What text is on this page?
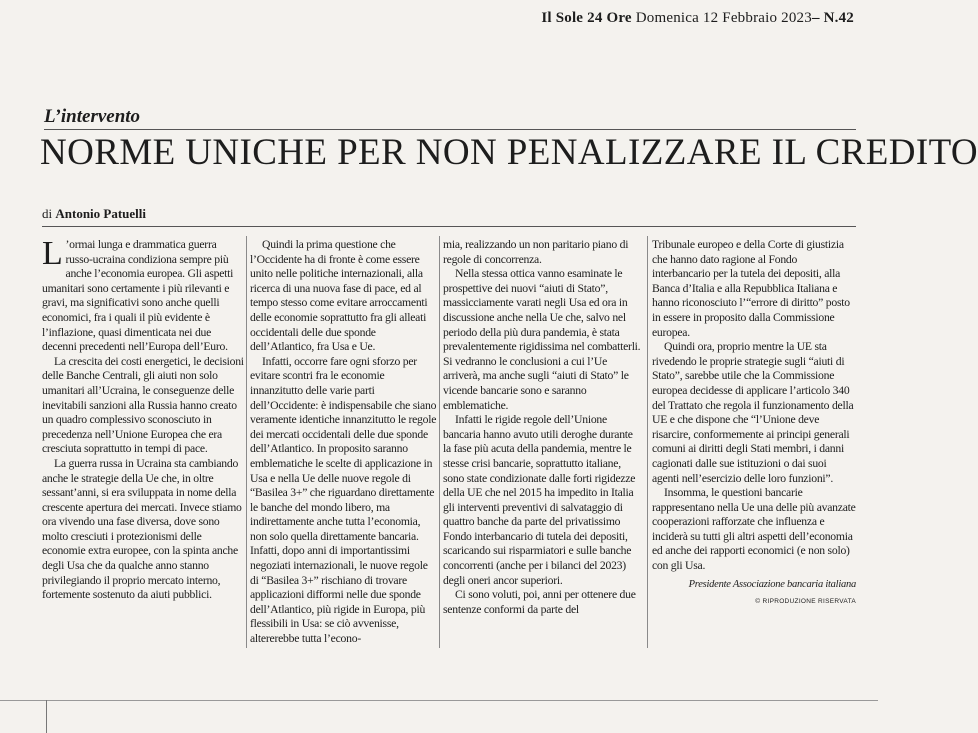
Il Sole 24 Ore Domenica 12 Febbraio 2023– N.42
L’intervento
NORME UNICHE PER NON PENALIZZARE IL CREDITO
di Antonio Patuelli

L ’ormai lunga e drammatica guerra russo-ucraina condiziona sempre più anche l’economia europea. Gli aspetti umanitari sono certamente i più rilevanti e gravi, ma significativi sono anche quelli economici, fra i quali il più evidente è l’inflazione, quasi dimenticata nei due decenni precedenti nell’Europa dell’Euro.

La crescita dei costi energetici, le decisioni delle Banche Centrali, gli aiuti non solo umanitari all’Ucraina, le conseguenze delle inevitabili sanzioni alla Russia hanno creato un quadro complessivo sconosciuto in precedenza nell’Unione Europea che era cresciuta soprattutto in tempi di pace.

La guerra russa in Ucraina sta cambiando anche le strategie della Ue che, in oltre sessant’anni, si era sviluppata in nome della crescente apertura dei mercati. Invece stiamo ora vivendo una fase diversa, dove sono molto cresciuti i protezionismi delle economie extra europee, con la spinta anche degli Usa che da qualche anno stanno privilegiando il proprio mercato interno, fortemente sostenuto da aiuti pubblici.

Quindi la prima questione che l’Occidente ha di fronte è come essere unito nelle politiche internazionali, alla ricerca di una nuova fase di pace, ed al tempo stesso come evitare arroccamenti delle economie soprattutto fra gli alleati occidentali delle due sponde dell’Atlantico, fra Usa e Ue.

Infatti, occorre fare ogni sforzo per evitare scontri fra le economie innanzitutto delle varie parti dell’Occidente: è indispensabile che siano veramente identiche innanzitutto le regole dei mercati occidentali delle due sponde dell’Atlantico. In proposito saranno emblematiche le scelte di applicazione in Usa e nella Ue delle nuove regole di “Basilea 3+” che riguardano direttamente le banche del mondo libero, ma indirettamente anche tutta l’economia, non solo quella direttamente bancaria. Infatti, dopo anni di importantissimi negoziati internazionali, le nuove regole di “Basilea 3+” rischiano di trovare applicazioni difformi nelle due sponde dell’Atlantico, più rigide in Europa, più flessibili in Usa: se ciò avvenisse, altererebbe tutta l’econo-

mia, realizzando un non paritario piano di regole di concorrenza.

Nella stessa ottica vanno esaminate le prospettive dei nuovi “aiuti di Stato”, massicciamente varati negli Usa ed ora in discussione anche nella Ue che, salvo nel periodo della più dura pandemia, è stata prevalentemente rigidissima nel combatterli. Si vedranno le conclusioni a cui l’Ue arriverà, ma anche sugli “aiuti di Stato” le vicende bancarie sono e saranno emblematiche.

Infatti le rigide regole dell’Unione bancaria hanno avuto utili deroghe durante la fase più acuta della pandemia, mentre le stesse crisi bancarie, soprattutto italiane, sono state condizionate dalle forti rigidezze della UE che nel 2015 ha impedito in Italia gli interventi preventivi di salvataggio di quattro banche da parte del privatissimo Fondo interbancario di tutela dei depositi, scaricando sui risparmiatori e sulle banche concorrenti (anche per i bilanci del 2023) degli oneri ancor superiori.

Ci sono voluti, poi, anni per ottenere due sentenze conformi da parte del

Tribunale europeo e della Corte di giustizia che hanno dato ragione al Fondo interbancario per la tutela dei depositi, alla Banca d’Italia e alla Repubblica Italiana e hanno riconosciuto l’“errore di diritto” posto in essere in proposito dalla Commissione europea.

Quindi ora, proprio mentre la UE sta rivedendo le proprie strategie sugli “aiuti di Stato”, sarebbe utile che la Commissione europea decidesse di applicare l’articolo 340 del Trattato che regola il funzionamento della UE e che dispone che “l’Unione deve risarcire, conformemente ai principi generali comuni ai diritti degli Stati membri, i danni cagionati dalle sue istituzioni o dai suoi agenti nell’esercizio delle loro funzioni”.

Insomma, le questioni bancarie rappresentano nella Ue una delle più avanzate cooperazioni rafforzate che influenza e inciderà su tutti gli altri aspetti dell’economia ed anche dei rapporti economici (e non solo) con gli Usa.

Presidente Associazione bancaria italiana
© RIPRODUZIONE RISERVATA
